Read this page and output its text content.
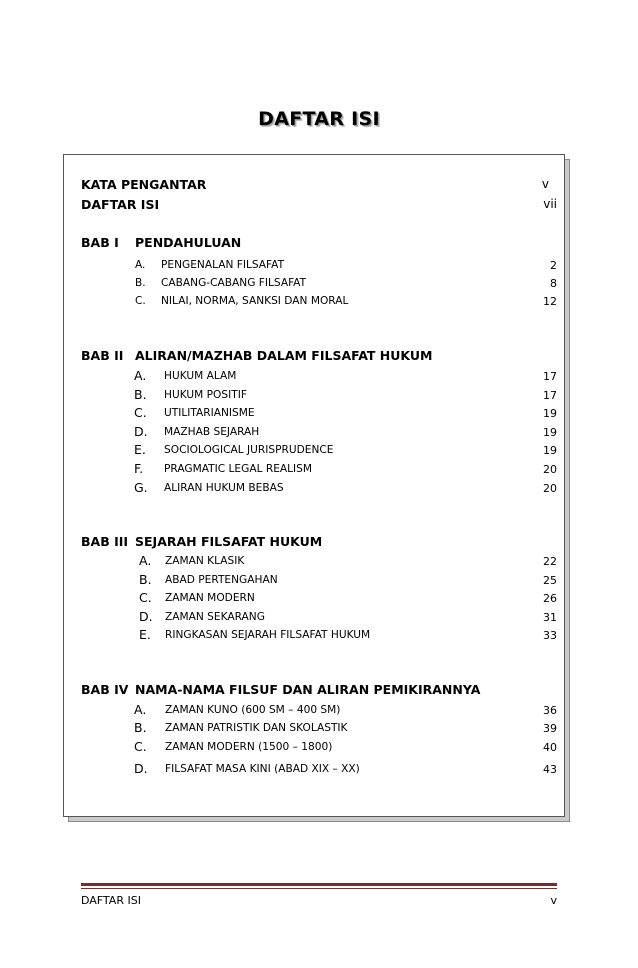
DAFTAR ISI
KATA PENGANTAR	v
DAFTAR ISI	vii
BAB I PENDAHULUAN
A. PENGENALAN FILSAFAT	2
B. CABANG-CABANG FILSAFAT	8
C. NILAI, NORMA, SANKSI DAN MORAL	12
BAB II ALIRAN/MAZHAB DALAM FILSAFAT HUKUM
A. HUKUM ALAM	17
B. HUKUM POSITIF	17
C. UTILITARIANISME	19
D. MAZHAB SEJARAH	19
E. SOCIOLOGICAL JURISPRUDENCE	19
F. PRAGMATIC LEGAL REALISM	20
G. ALIRAN HUKUM BEBAS	20
BAB III SEJARAH FILSAFAT HUKUM
A. ZAMAN KLASIK	22
B. ABAD PERTENGAHAN	25
C. ZAMAN MODERN	26
D. ZAMAN SEKARANG	31
E. RINGKASAN SEJARAH FILSAFAT HUKUM	33
BAB IV NAMA-NAMA FILSUF DAN ALIRAN PEMIKIRANNYA
A. ZAMAN KUNO (600 SM – 400 SM)	36
B. ZAMAN PATRISTIK DAN SKOLASTIK	39
C. ZAMAN MODERN (1500 – 1800)	40
D. FILSAFAT MASA KINI (ABAD XIX – XX)	43
DAFTAR ISI	v
